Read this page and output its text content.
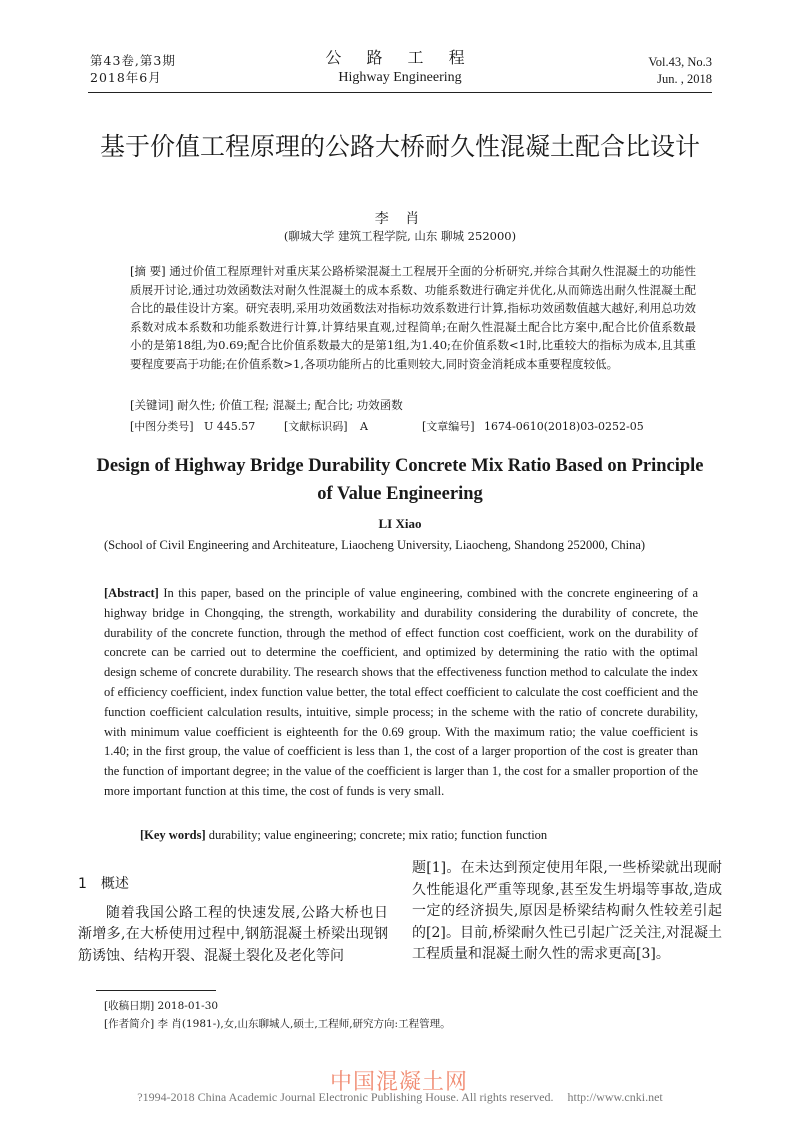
第43卷,第3期
2018年6月
公 路 工 程
Highway Engineering
Vol.43, No.3
Jun. , 2018
基于价值工程原理的公路大桥耐久性混凝土配合比设计
李 肖
(聊城大学 建筑工程学院, 山东 聊城 252000)
[摘 要] 通过价值工程原理针对重庆某公路桥梁混凝土工程展开全面的分析研究,并综合其耐久性混凝土的功能性质展开讨论,通过功效函数法对耐久性混凝土的成本系数、功能系数进行确定并优化,从而筛选出耐久性混凝土配合比的最佳设计方案。研究表明,采用功效函数法对指标功效系数进行计算,指标功效函数值越大越好,利用总功效系数对成本系数和功能系数进行计算,计算结果直观,过程简单;在耐久性混凝土配合比方案中,配合比价值系数最小的是第18组,为0.69;配合比价值系数最大的是第1组,为1.40;在价值系数<1时,比重较大的指标为成本,且其重要程度要高于功能;在价值系数>1,各项功能所占的比重则较大,同时资金消耗成本重要程度较低。
[关键词] 耐久性; 价值工程; 混凝土; 配合比; 功效函数
[中图分类号] U 445.57	[文献标识码] A	[文章编号] 1674-0610(2018)03-0252-05
Design of Highway Bridge Durability Concrete Mix Ratio Based on Principle of Value Engineering
LI Xiao
(School of Civil Engineering and Architeature, Liaocheng University, Liaocheng, Shandong 252000, China)
[Abstract] In this paper, based on the principle of value engineering, combined with the concrete engineering of a highway bridge in Chongqing, the strength, workability and durability considering the durability of concrete, the durability of the concrete function, through the method of effect function cost coefficient, work on the durability of concrete can be carried out to determine the coefficient, and optimized by determining the ratio with the optimal design scheme of concrete durability. The research shows that the effectiveness function method to calculate the index of efficiency coefficient, index function value better, the total effect coefficient to calculate the cost coefficient and the function coefficient calculation results, intuitive, simple process; in the scheme with the ratio of concrete durability, with minimum value coefficient is eighteenth for the 0.69 group. With the maximum ratio; the value coefficient is 1.40; in the first group, the value of coefficient is less than 1, the cost of a larger proportion of the cost is greater than the function of important degree; in the value of the coefficient is larger than 1, the cost for a smaller proportion of the more important function at this time, the cost of funds is very small.
[Key words] durability; value engineering; concrete; mix ratio; function function
1 概述
随着我国公路工程的快速发展,公路大桥也日渐增多,在大桥使用过程中,钢筋混凝土桥梁出现钢筋诱蚀、结构开裂、混凝土裂化及老化等问
题[1]。在未达到预定使用年限,一些桥梁就出现耐久性能退化严重等现象,甚至发生坍塌等事故,造成一定的经济损失,原因是桥梁结构耐久性较差引起的[2]。目前,桥梁耐久性已引起广泛关注,对混凝土工程质量和混凝土耐久性的需求更高[3]。
[收稿日期] 2018-01-30
[作者简介] 李 肖(1981-),女,山东聊城人,硕士,工程师,研究方向:工程管理。
中国混凝土网
?1994-2018 China Academic Journal Electronic Publishing House. All rights reserved. http://www.cnki.net
